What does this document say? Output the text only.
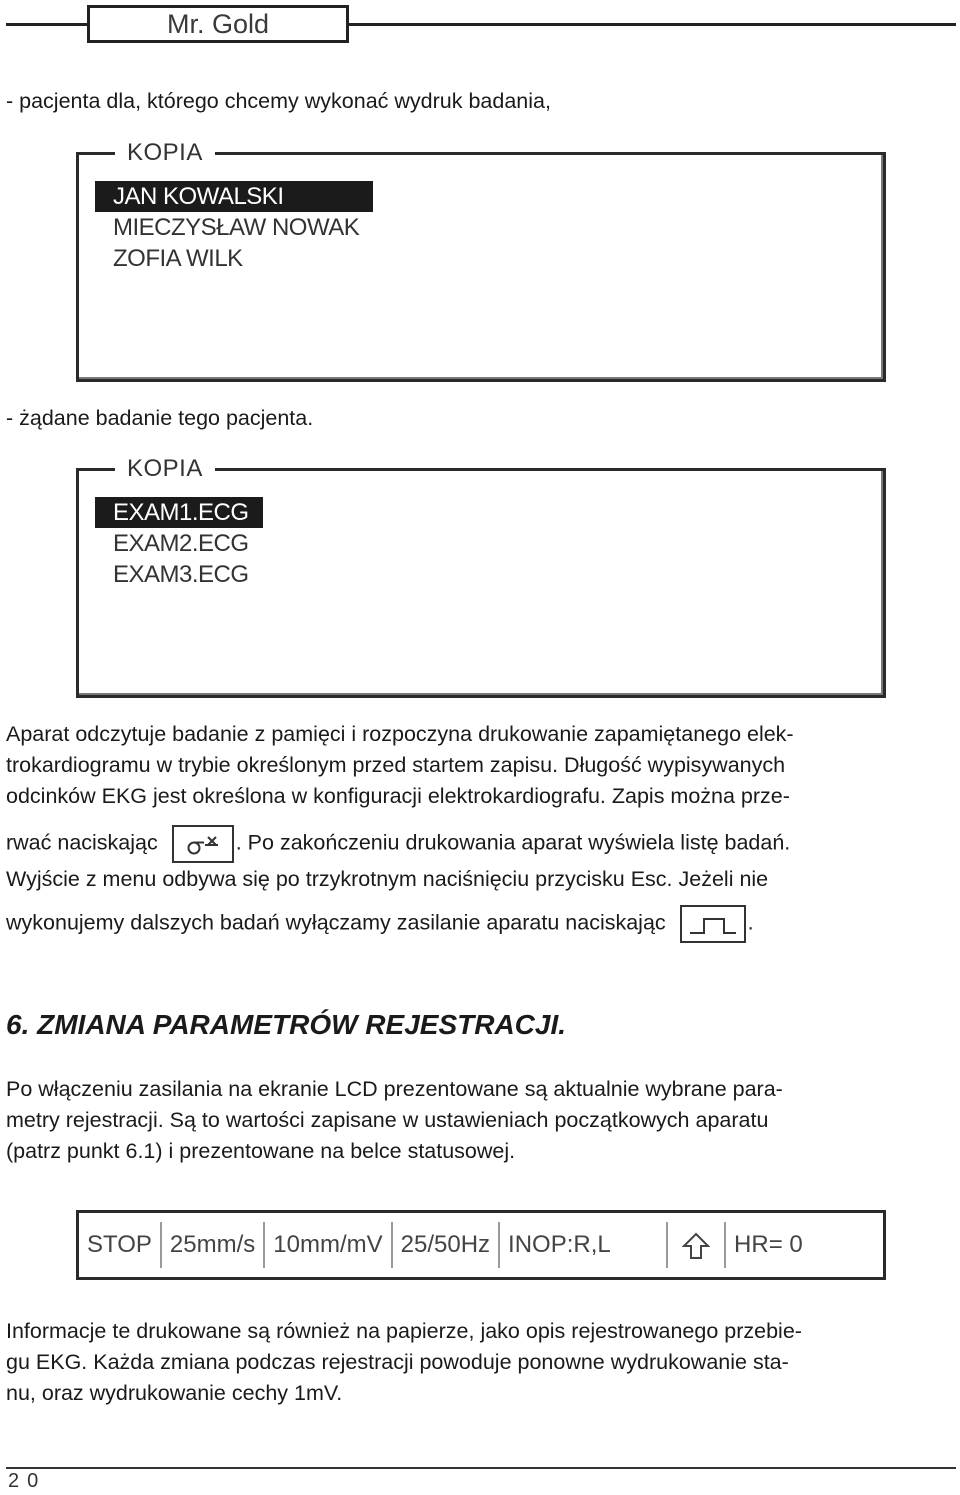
Mr. Gold

- pacjenta dla, którego chcemy wykonać wydruk badania,

KOPIA
JAN KOWALSKI
MIECZYSŁAW NOWAK
ZOFIA WILK

- żądane badanie tego pacjenta.

KOPIA
EXAM1.ECG
EXAM2.ECG
EXAM3.ECG

Aparat odczytuje badanie z pamięci i rozpoczyna drukowanie zapamiętanego elek-

trokardiogramu w trybie określonym przed startem zapisu. Długość wypisywanych

odcinków EKG jest określona w konfiguracji elektrokardiografu. Zapis można prze-

rwać naciskając	. Po zakończeniu drukowania aparat wyświela listę badań.

Wyjście z menu odbywa się po trzykrotnym naciśnięciu przycisku Esc. Jeżeli nie

wykonujemy dalszych badań wyłączamy zasilanie aparatu naciskając	.

6. ZMIANA PARAMETRÓW REJESTRACJI.

Po włączeniu zasilania na ekranie LCD prezentowane są aktualnie wybrane para-

metry rejestracji. Są to wartości zapisane w ustawieniach początkowych aparatu

(patrz punkt 6.1) i prezentowane na belce statusowej.

STOP 25mm/s 10mm/mV 25/50Hz INOP:R,L	HR= 0

Informacje te drukowane są również na papierze, jako opis rejestrowanego przebie-

gu EKG. Każda zmiana podczas rejestracji powoduje ponowne wydrukowanie sta-

nu, oraz wydrukowanie cechy 1mV.

20
